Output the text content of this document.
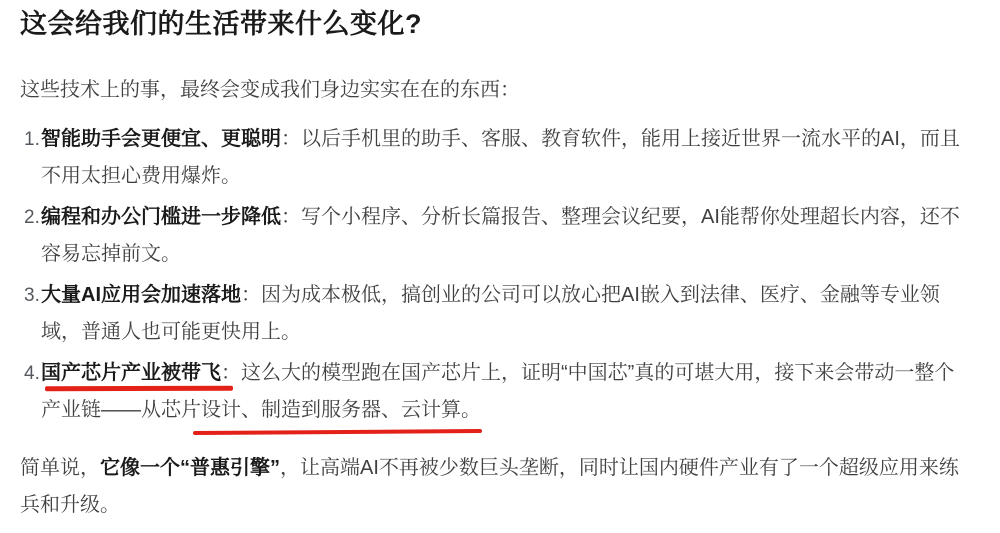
这会给我们的生活带来什么变化?

这些技术上的事，最终会变成我们身边实实在在的东西：

1. 智能助手会更便宜、更聪明：以后手机里的助手、客服、教育软件，能用上接近世界一流水平的AI，而且不用太担心费用爆炸。

2. 编程和办公门槛进一步降低：写个小程序、分析长篇报告、整理会议纪要，AI能帮你处理超长内容，还不容易忘掉前文。

3. 大量AI应用会加速落地：因为成本极低，搞创业的公司可以放心把AI嵌入到法律、医疗、金融等专业领域，普通人也可能更快用上。

4. 国产芯片产业被带飞：这么大的模型跑在国产芯片上，证明“中国芯”真的可堪大用，接下来会带动一整个产业链——从芯片设计、制造到服务器、云计算。

简单说，它像一个“普惠引擎”，让高端AI不再被少数巨头垄断，同时让国内硬件产业有了一个超级应用来练兵和升级。
